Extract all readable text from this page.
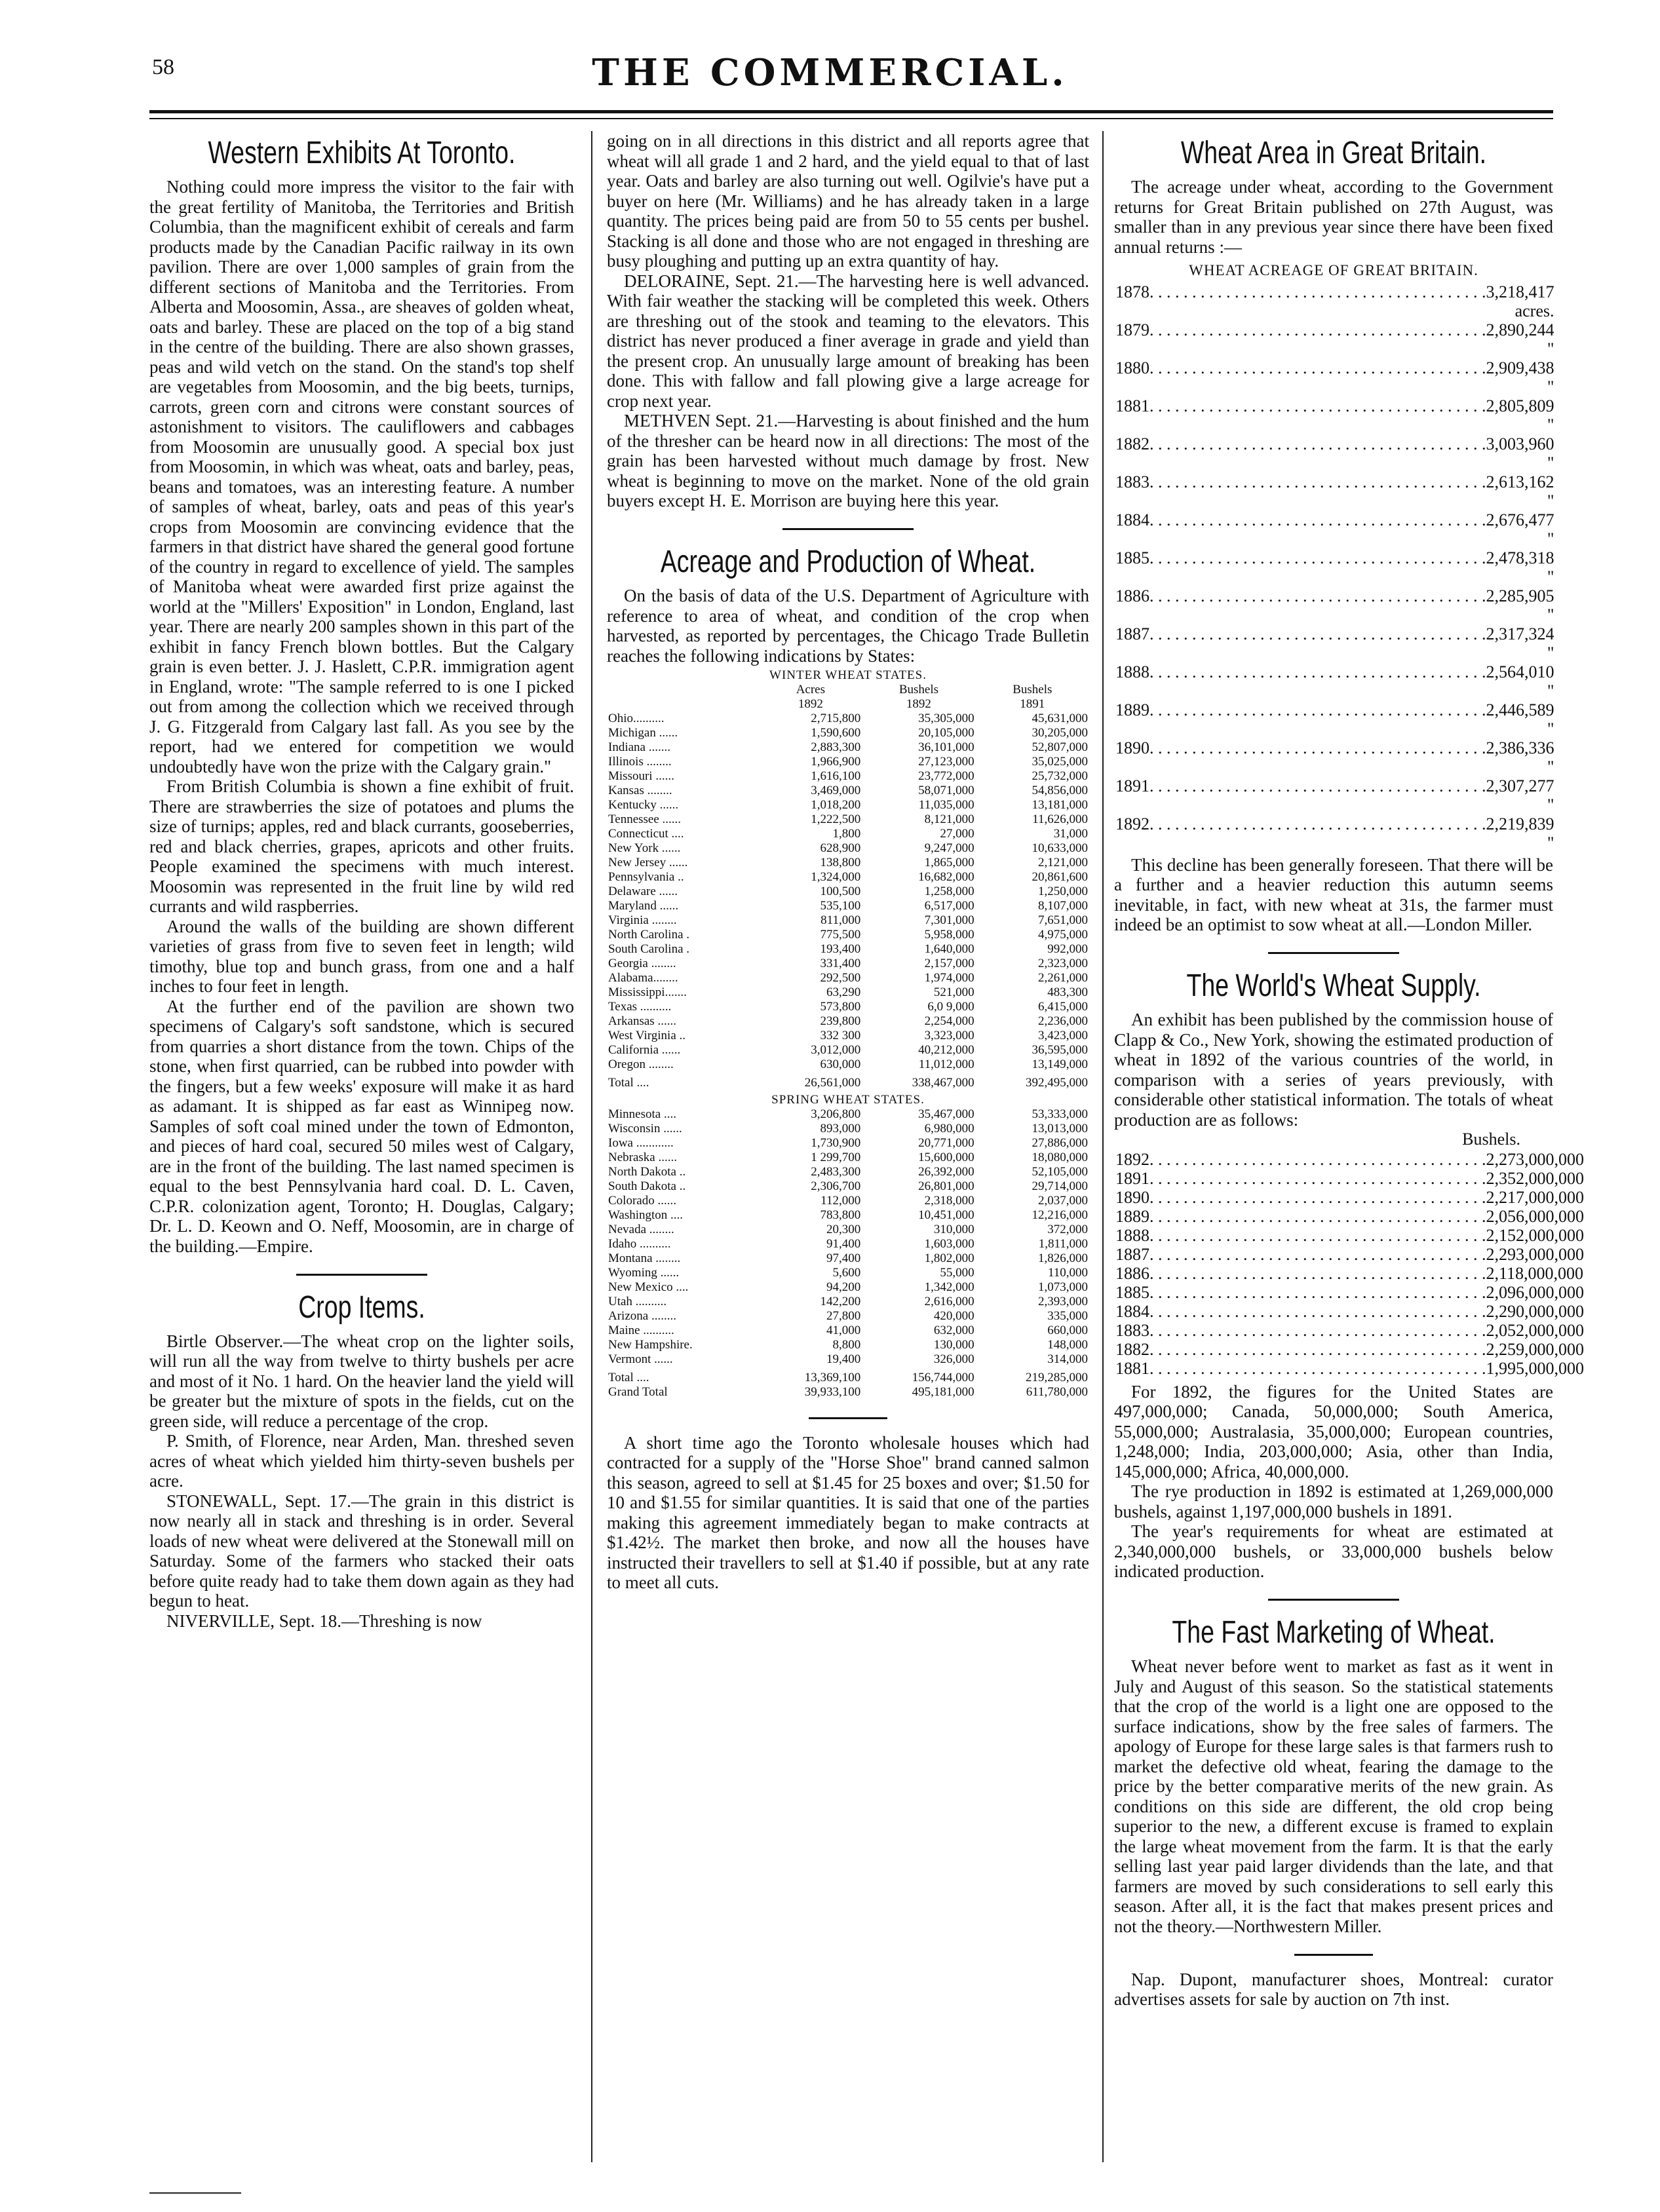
58	THE COMMERCIAL.
Western Exhibits At Toronto.

Nothing could more impress the visitor to the fair with the great fertility of Manitoba, the Territories and British Columbia, than the magnificent exhibit of cereals and farm products made by the Canadian Pacific railway in its own pavilion. There are over 1,000 samples of grain from the different sections of Manitoba and the Territories. From Alberta and Moosomin, Assa., are sheaves of golden wheat, oats and barley. These are placed on the top of a big stand in the centre of the building. There are also shown grasses, peas and wild vetch on the stand. On the stand's top shelf are vegetables from Moosomin, and the big beets, turnips, carrots, green corn and citrons were constant sources of astonishment to visitors. The cauliflowers and cabbages from Moosomin are unusually good. A special box just from Moosomin, in which was wheat, oats and barley, peas, beans and tomatoes, was an interesting feature. A number of samples of wheat, barley, oats and peas of this year's crops from Moosomin are convincing evidence that the farmers in that district have shared the general good fortune of the country in regard to excellence of yield. The samples of Manitoba wheat were awarded first prize against the world at the "Millers' Exposition" in London, England, last year. There are nearly 200 samples shown in this part of the exhibit in fancy French blown bottles. But the Calgary grain is even better. J. J. Haslett, C.P.R. immigration agent in England, wrote: "The sample referred to is one I picked out from among the collection which we received through J. G. Fitzgerald from Calgary last fall. As you see by the report, had we entered for competition we would undoubtedly have won the prize with the Calgary grain."

From British Columbia is shown a fine exhibit of fruit. There are strawberries the size of potatoes and plums the size of turnips; apples, red and black currants, gooseberries, red and black cherries, grapes, apricots and other fruits. People examined the specimens with much interest. Moosomin was represented in the fruit line by wild red currants and wild raspberries.

Around the walls of the building are shown different varieties of grass from five to seven feet in length; wild timothy, blue top and bunch grass, from one and a half inches to four feet in length.

At the further end of the pavilion are shown two specimens of Calgary's soft sandstone, which is secured from quarries a short distance from the town. Chips of the stone, when first quarried, can be rubbed into powder with the fingers, but a few weeks' exposure will make it as hard as adamant. It is shipped as far east as Winnipeg now. Samples of soft coal mined under the town of Edmonton, and pieces of hard coal, secured 50 miles west of Calgary, are in the front of the building. The last named specimen is equal to the best Pennsylvania hard coal. D. L. Caven, C.P.R. colonization agent, Toronto; H. Douglas, Calgary; Dr. L. D. Keown and O. Neff, Moosomin, are in charge of the building.—Empire.

Crop Items.

Birtle Observer.—The wheat crop on the lighter soils, will run all the way from twelve to thirty bushels per acre and most of it No. 1 hard. On the heavier land the yield will be greater but the mixture of spots in the fields, cut on the green side, will reduce a percentage of the crop.

P. Smith, of Florence, near Arden, Man. threshed seven acres of wheat which yielded him thirty-seven bushels per acre.

STONEWALL, Sept. 17.—The grain in this district is now nearly all in stack and threshing is in order. Several loads of new wheat were delivered at the Stonewall mill on Saturday. Some of the farmers who stacked their oats before quite ready had to take them down again as they had begun to heat.

NIVERVILLE, Sept. 18.—Threshing is now

going on in all directions in this district and all reports agree that wheat will all grade 1 and 2 hard, and the yield equal to that of last year. Oats and barley are also turning out well. Ogilvie's have put a buyer on here (Mr. Williams) and he has already taken in a large quantity. The prices being paid are from 50 to 55 cents per bushel. Stacking is all done and those who are not engaged in threshing are busy ploughing and putting up an extra quantity of hay.

DELORAINE, Sept. 21.—The harvesting here is well advanced. With fair weather the stacking will be completed this week. Others are threshing out of the stook and teaming to the elevators. This district has never produced a finer average in grade and yield than the present crop. An unusually large amount of breaking has been done. This with fallow and fall plowing give a large acreage for crop next year.

METHVEN Sept. 21.—Harvesting is about finished and the hum of the thresher can be heard now in all directions: The most of the grain has been harvested without much damage by frost. New wheat is beginning to move on the market. None of the old grain buyers except H. E. Morrison are buying here this year.

Acreage and Production of Wheat.

On the basis of data of the U.S. Department of Agriculture with reference to area of wheat, and condition of the crop when harvested, as reported by percentages, the Chicago Trade Bulletin reaches the following indications by States:

WINTER WHEAT STATES.			
	Acres	Bushels	Bushels
	1892	1892	1891
Ohio..........	2,715,800	35,305,000	45,631,000
Michigan ......	1,590,600	20,105,000	30,205,000
Indiana .......	2,883,300	36,101,000	52,807,000
Illinois ........	1,966,900	27,123,000	35,025,000
Missouri ......	1,616,100	23,772,000	25,732,000
Kansas ........	3,469,000	58,071,000	54,856,000
Kentucky ......	1,018,200	11,035,000	13,181,000
Tennessee ......	1,222,500	8,121,000	11,626,000
Connecticut ....	1,800	27,000	31,000
New York ......	628,900	9,247,000	10,633,000
New Jersey ......	138,800	1,865,000	2,121,000
Pennsylvania ..	1,324,000	16,682,000	20,861,600
Delaware ......	100,500	1,258,000	1,250,000
Maryland ......	535,100	6,517,000	8,107,000
Virginia ........	811,000	7,301,000	7,651,000
North Carolina .	775,500	5,958,000	4,975,000
South Carolina .	193,400	1,640,000	992,000
Georgia ........	331,400	2,157,000	2,323,000
Alabama........	292,500	1,974,000	2,261,000
Mississippi.......	63,290	521,000	483,300
Texas ..........	573,800	6,0 9,000	6,415,000
Arkansas ......	239,800	2,254,000	2,236,000
West Virginia ..	332 300	3,323,000	3,423,000
California ......	3,012,000	40,212,000	36,595,000
Oregon ........	630,000	11,012,000	13,149,000
Total ....	26,561,000	338,467,000	392,495,000
SPRING WHEAT STATES.			
Minnesota ....	3,206,800	35,467,000	53,333,000
Wisconsin ......	893,000	6,980,000	13,013,000
Iowa ............	1,730,900	20,771,000	27,886,000
Nebraska ......	1 299,700	15,600,000	18,080,000
North Dakota ..	2,483,300	26,392,000	52,105,000
South Dakota ..	2,306,700	26,801,000	29,714,000
Colorado ......	112,000	2,318,000	2,037,000
Washington ....	783,800	10,451,000	12,216,000
Nevada ........	20,300	310,000	372,000
Idaho ..........	91,400	1,603,000	1,811,000
Montana ........	97,400	1,802,000	1,826,000
Wyoming ......	5,600	55,000	110,000
New Mexico ....	94,200	1,342,000	1,073,000
Utah ..........	142,200	2,616,000	2,393,000
Arizona ........	27,800	420,000	335,000
Maine ..........	41,000	632,000	660,000
New Hampshire.	8,800	130,000	148,000
Vermont ......	19,400	326,000	314,000
Total ....	13,369,100	156,744,000	219,285,000
Grand Total	39,933,100	495,181,000	611,780,000

A short time ago the Toronto wholesale houses which had contracted for a supply of the "Horse Shoe" brand canned salmon this season, agreed to sell at $1.45 for 25 boxes and over; $1.50 for 10 and $1.55 for similar quantities. It is said that one of the parties making this agreement immediately began to make contracts at $1.42½. The market then broke, and now all the houses have instructed their travellers to sell at $1.40 if possible, but at any rate to meet all cuts.

Wheat Area in Great Britain.

The acreage under wheat, according to the Government returns for Great Britain published on 27th August, was smaller than in any previous year since there have been fixed annual returns :—

WHEAT ACREAGE OF GREAT BRITAIN.
1878 . . . . . . . . . . . . . . . . . . . . . . . . . . . . . . . . . . . . . . . . 3,218,417 acres.
1879 . . . . . . . . . . . . . . . . . . . . . . . . . . . . . . . . . . . . . . . . 2,890,244 "
1880 . . . . . . . . . . . . . . . . . . . . . . . . . . . . . . . . . . . . . . . . 2,909,438 "
1881 . . . . . . . . . . . . . . . . . . . . . . . . . . . . . . . . . . . . . . . . 2,805,809 "
1882 . . . . . . . . . . . . . . . . . . . . . . . . . . . . . . . . . . . . . . . . 3,003,960 "
1883 . . . . . . . . . . . . . . . . . . . . . . . . . . . . . . . . . . . . . . . . 2,613,162 "
1884 . . . . . . . . . . . . . . . . . . . . . . . . . . . . . . . . . . . . . . . . 2,676,477 "
1885 . . . . . . . . . . . . . . . . . . . . . . . . . . . . . . . . . . . . . . . . 2,478,318 "
1886 . . . . . . . . . . . . . . . . . . . . . . . . . . . . . . . . . . . . . . . . 2,285,905 "
1887 . . . . . . . . . . . . . . . . . . . . . . . . . . . . . . . . . . . . . . . . 2,317,324 "
1888 . . . . . . . . . . . . . . . . . . . . . . . . . . . . . . . . . . . . . . . . 2,564,010 "
1889 . . . . . . . . . . . . . . . . . . . . . . . . . . . . . . . . . . . . . . . . 2,446,589 "
1890 . . . . . . . . . . . . . . . . . . . . . . . . . . . . . . . . . . . . . . . . 2,386,336 "
1891 . . . . . . . . . . . . . . . . . . . . . . . . . . . . . . . . . . . . . . . . 2,307,277 "
1892 . . . . . . . . . . . . . . . . . . . . . . . . . . . . . . . . . . . . . . . . 2,219,839 "

This decline has been generally foreseen. That there will be a further and a heavier reduction this autumn seems inevitable, in fact, with new wheat at 31s, the farmer must indeed be an optimist to sow wheat at all.—London Miller.

The World's Wheat Supply.

An exhibit has been published by the commission house of Clapp & Co., New York, showing the estimated production of wheat in 1892 of the various countries of the world, in comparison with a series of years previously, with considerable other statistical information. The totals of wheat production are as follows:

Bushels.
1892 . . . . . . . . . . . . . . . . . . . . . . . . . . . . . . . . . . . . . . . . 2,273,000,000
1891 . . . . . . . . . . . . . . . . . . . . . . . . . . . . . . . . . . . . . . . . 2,352,000,000
1890 . . . . . . . . . . . . . . . . . . . . . . . . . . . . . . . . . . . . . . . . 2,217,000,000
1889 . . . . . . . . . . . . . . . . . . . . . . . . . . . . . . . . . . . . . . . . 2,056,000,000
1888 . . . . . . . . . . . . . . . . . . . . . . . . . . . . . . . . . . . . . . . . 2,152,000,000
1887 . . . . . . . . . . . . . . . . . . . . . . . . . . . . . . . . . . . . . . . . 2,293,000,000
1886 . . . . . . . . . . . . . . . . . . . . . . . . . . . . . . . . . . . . . . . . 2,118,000,000
1885 . . . . . . . . . . . . . . . . . . . . . . . . . . . . . . . . . . . . . . . . 2,096,000,000
1884 . . . . . . . . . . . . . . . . . . . . . . . . . . . . . . . . . . . . . . . . 2,290,000,000
1883 . . . . . . . . . . . . . . . . . . . . . . . . . . . . . . . . . . . . . . . . 2,052,000,000
1882 . . . . . . . . . . . . . . . . . . . . . . . . . . . . . . . . . . . . . . . . 2,259,000,000
1881 . . . . . . . . . . . . . . . . . . . . . . . . . . . . . . . . . . . . . . . . 1,995,000,000

For 1892, the figures for the United States are 497,000,000; Canada, 50,000,000; South America, 55,000,000; Australasia, 35,000,000; European countries, 1,248,000; India, 203,000,000; Asia, other than India, 145,000,000; Africa, 40,000,000.

The rye production in 1892 is estimated at 1,269,000,000 bushels, against 1,197,000,000 bushels in 1891.

The year's requirements for wheat are estimated at 2,340,000,000 bushels, or 33,000,000 bushels below indicated production.

The Fast Marketing of Wheat.

Wheat never before went to market as fast as it went in July and August of this season. So the statistical statements that the crop of the world is a light one are opposed to the surface indications, show by the free sales of farmers. The apology of Europe for these large sales is that farmers rush to market the defective old wheat, fearing the damage to the price by the better comparative merits of the new grain. As conditions on this side are different, the old crop being superior to the new, a different excuse is framed to explain the large wheat movement from the farm. It is that the early selling last year paid larger dividends than the late, and that farmers are moved by such considerations to sell early this season. After all, it is the fact that makes present prices and not the theory.—Northwestern Miller.

Nap. Dupont, manufacturer shoes, Montreal: curator advertises assets for sale by auction on 7th inst.
